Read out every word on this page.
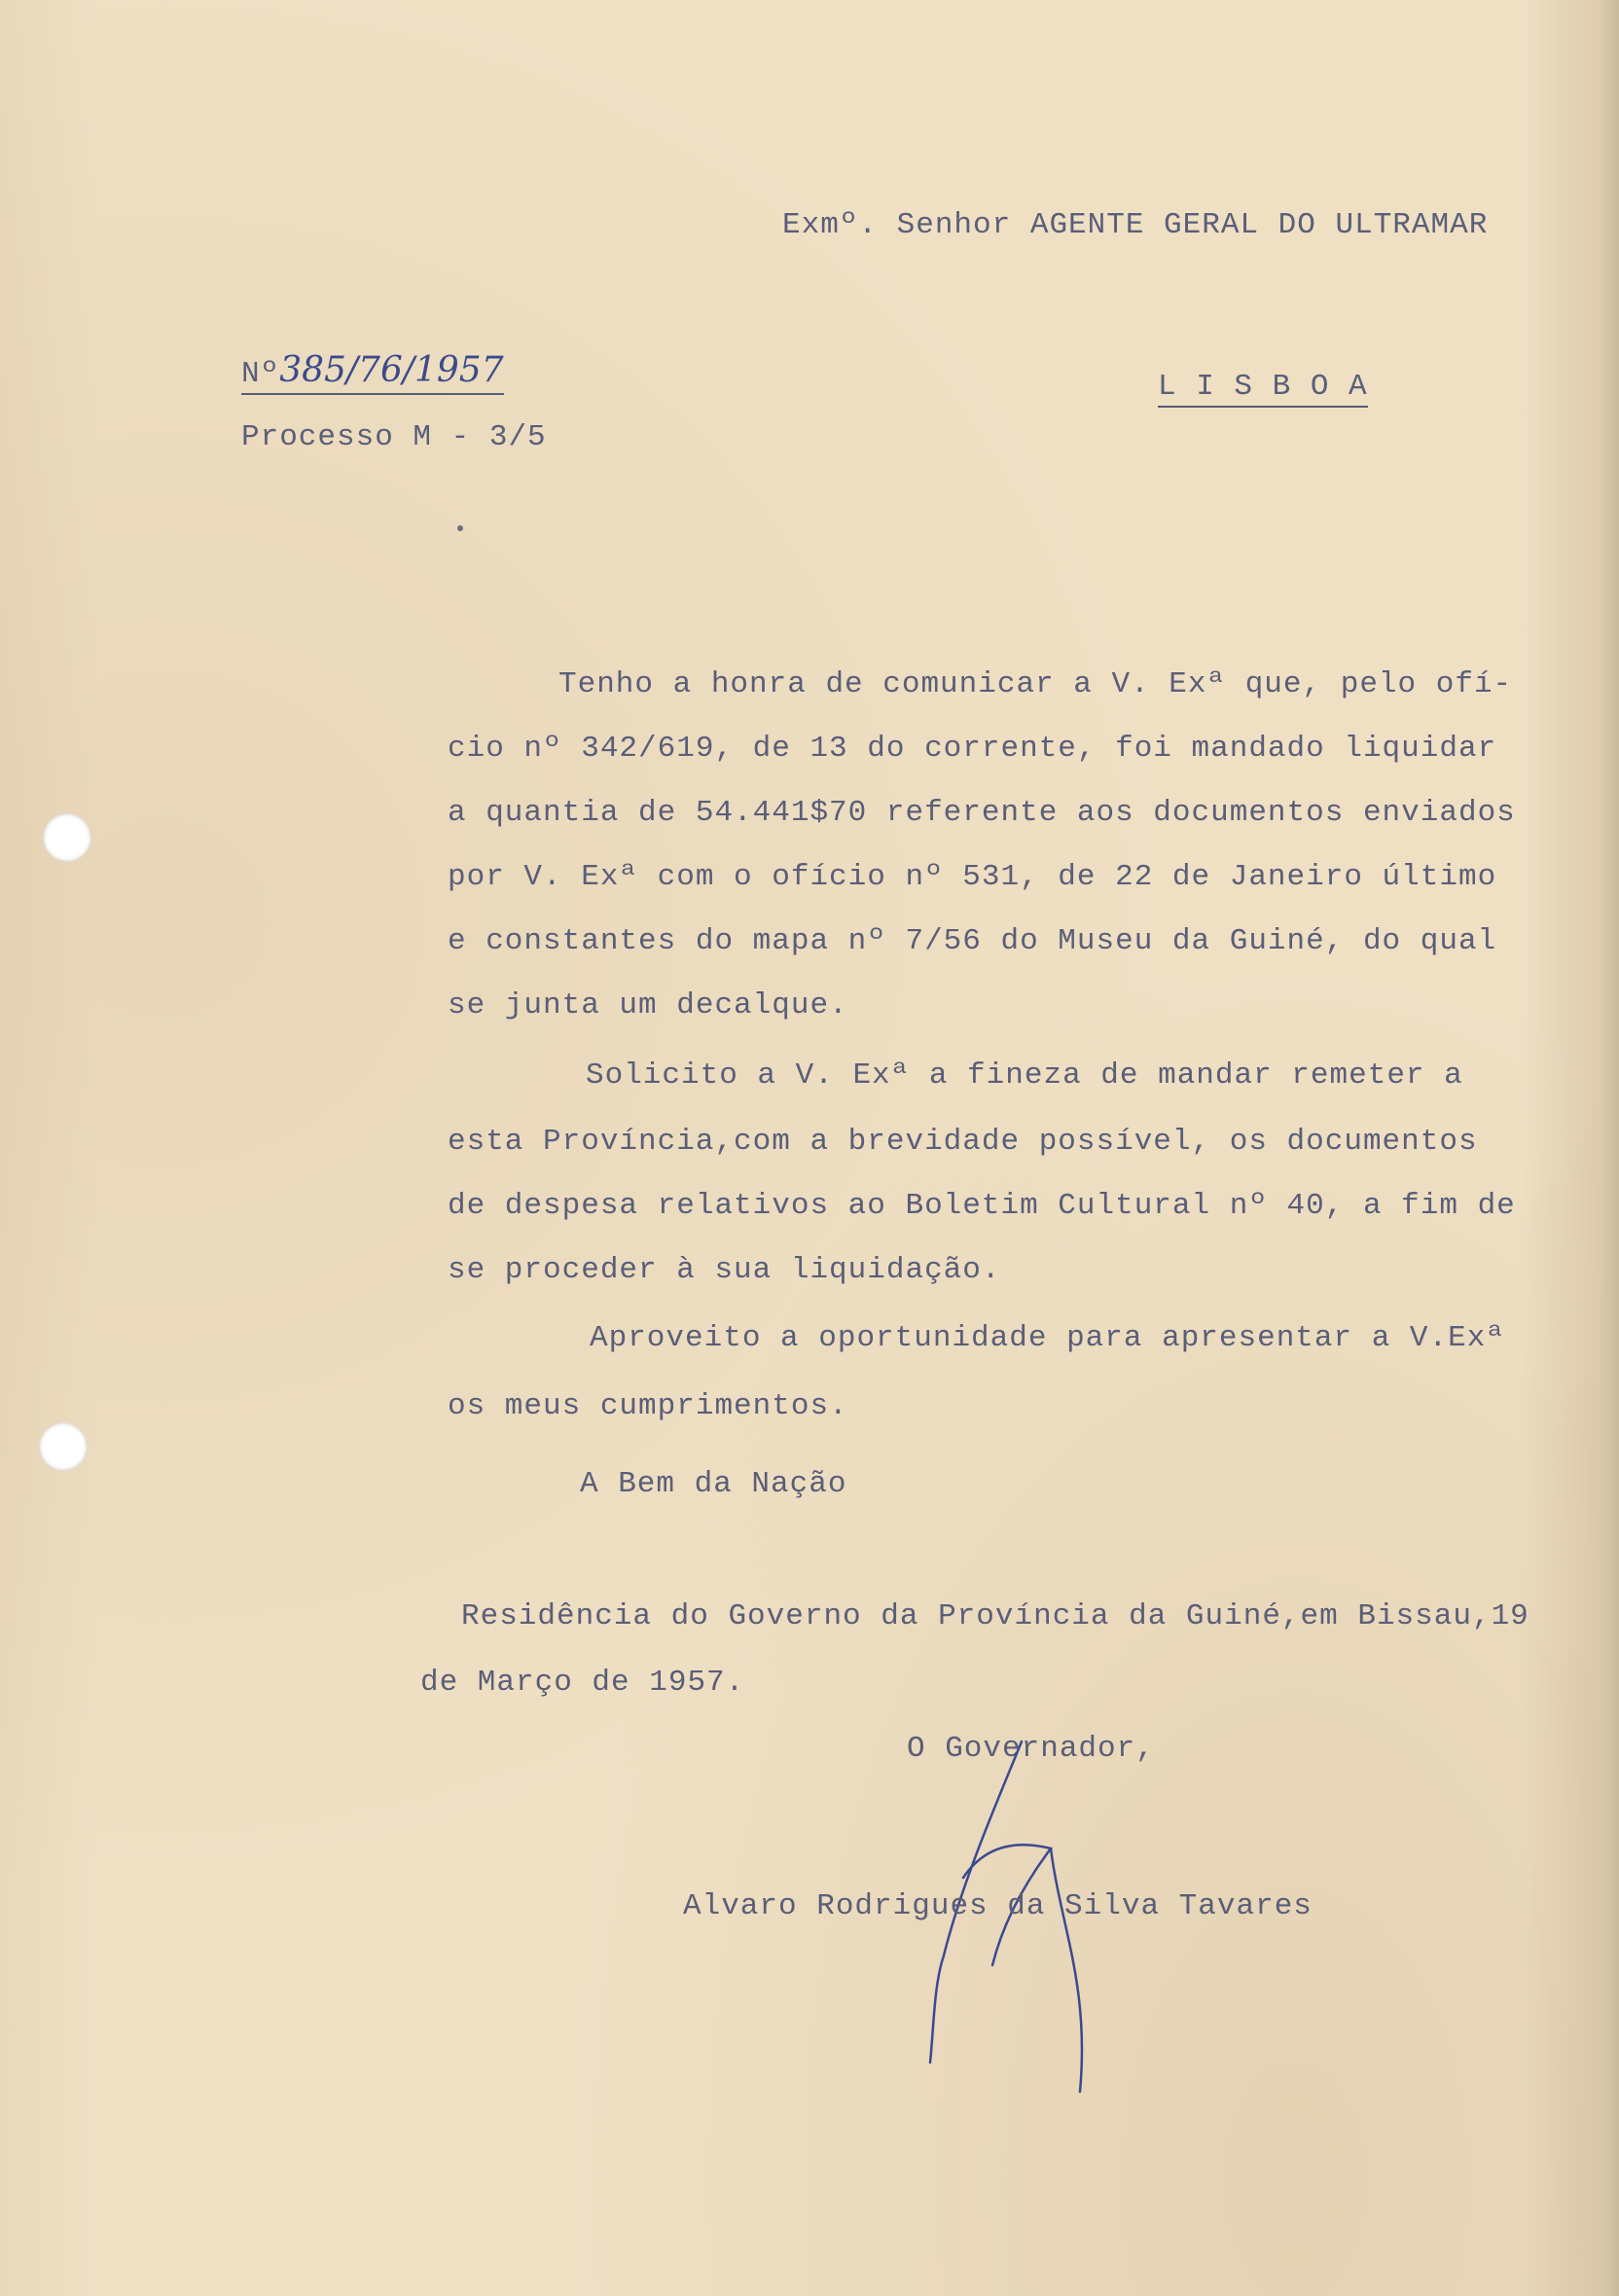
Exmº. Senhor AGENTE GERAL DO ULTRAMAR
Nº385/76/1957	L I S B O A
Processo M - 3/5
Tenho a honra de comunicar a V. Exª que, pelo ofí-
cio nº 342/619, de 13 do corrente, foi mandado liquidar
a quantia de 54.441$70 referente aos documentos enviados
por V. Exª com o ofício nº 531, de 22 de Janeiro último
e constantes do mapa nº 7/56 do Museu da Guiné, do qual
se junta um decalque.
Solicito a V. Exª a fineza de mandar remeter a
esta Província,com a brevidade possível, os documentos
de despesa relativos ao Boletim Cultural nº 40, a fim de
se proceder à sua liquidação.
Aproveito a oportunidade para apresentar a V.Exª
os meus cumprimentos.
A Bem da Nação
Residência do Governo da Província da Guiné,em Bissau,19
de Março de 1957.
O Governador,
Alvaro Rodrigues da Silva Tavares
